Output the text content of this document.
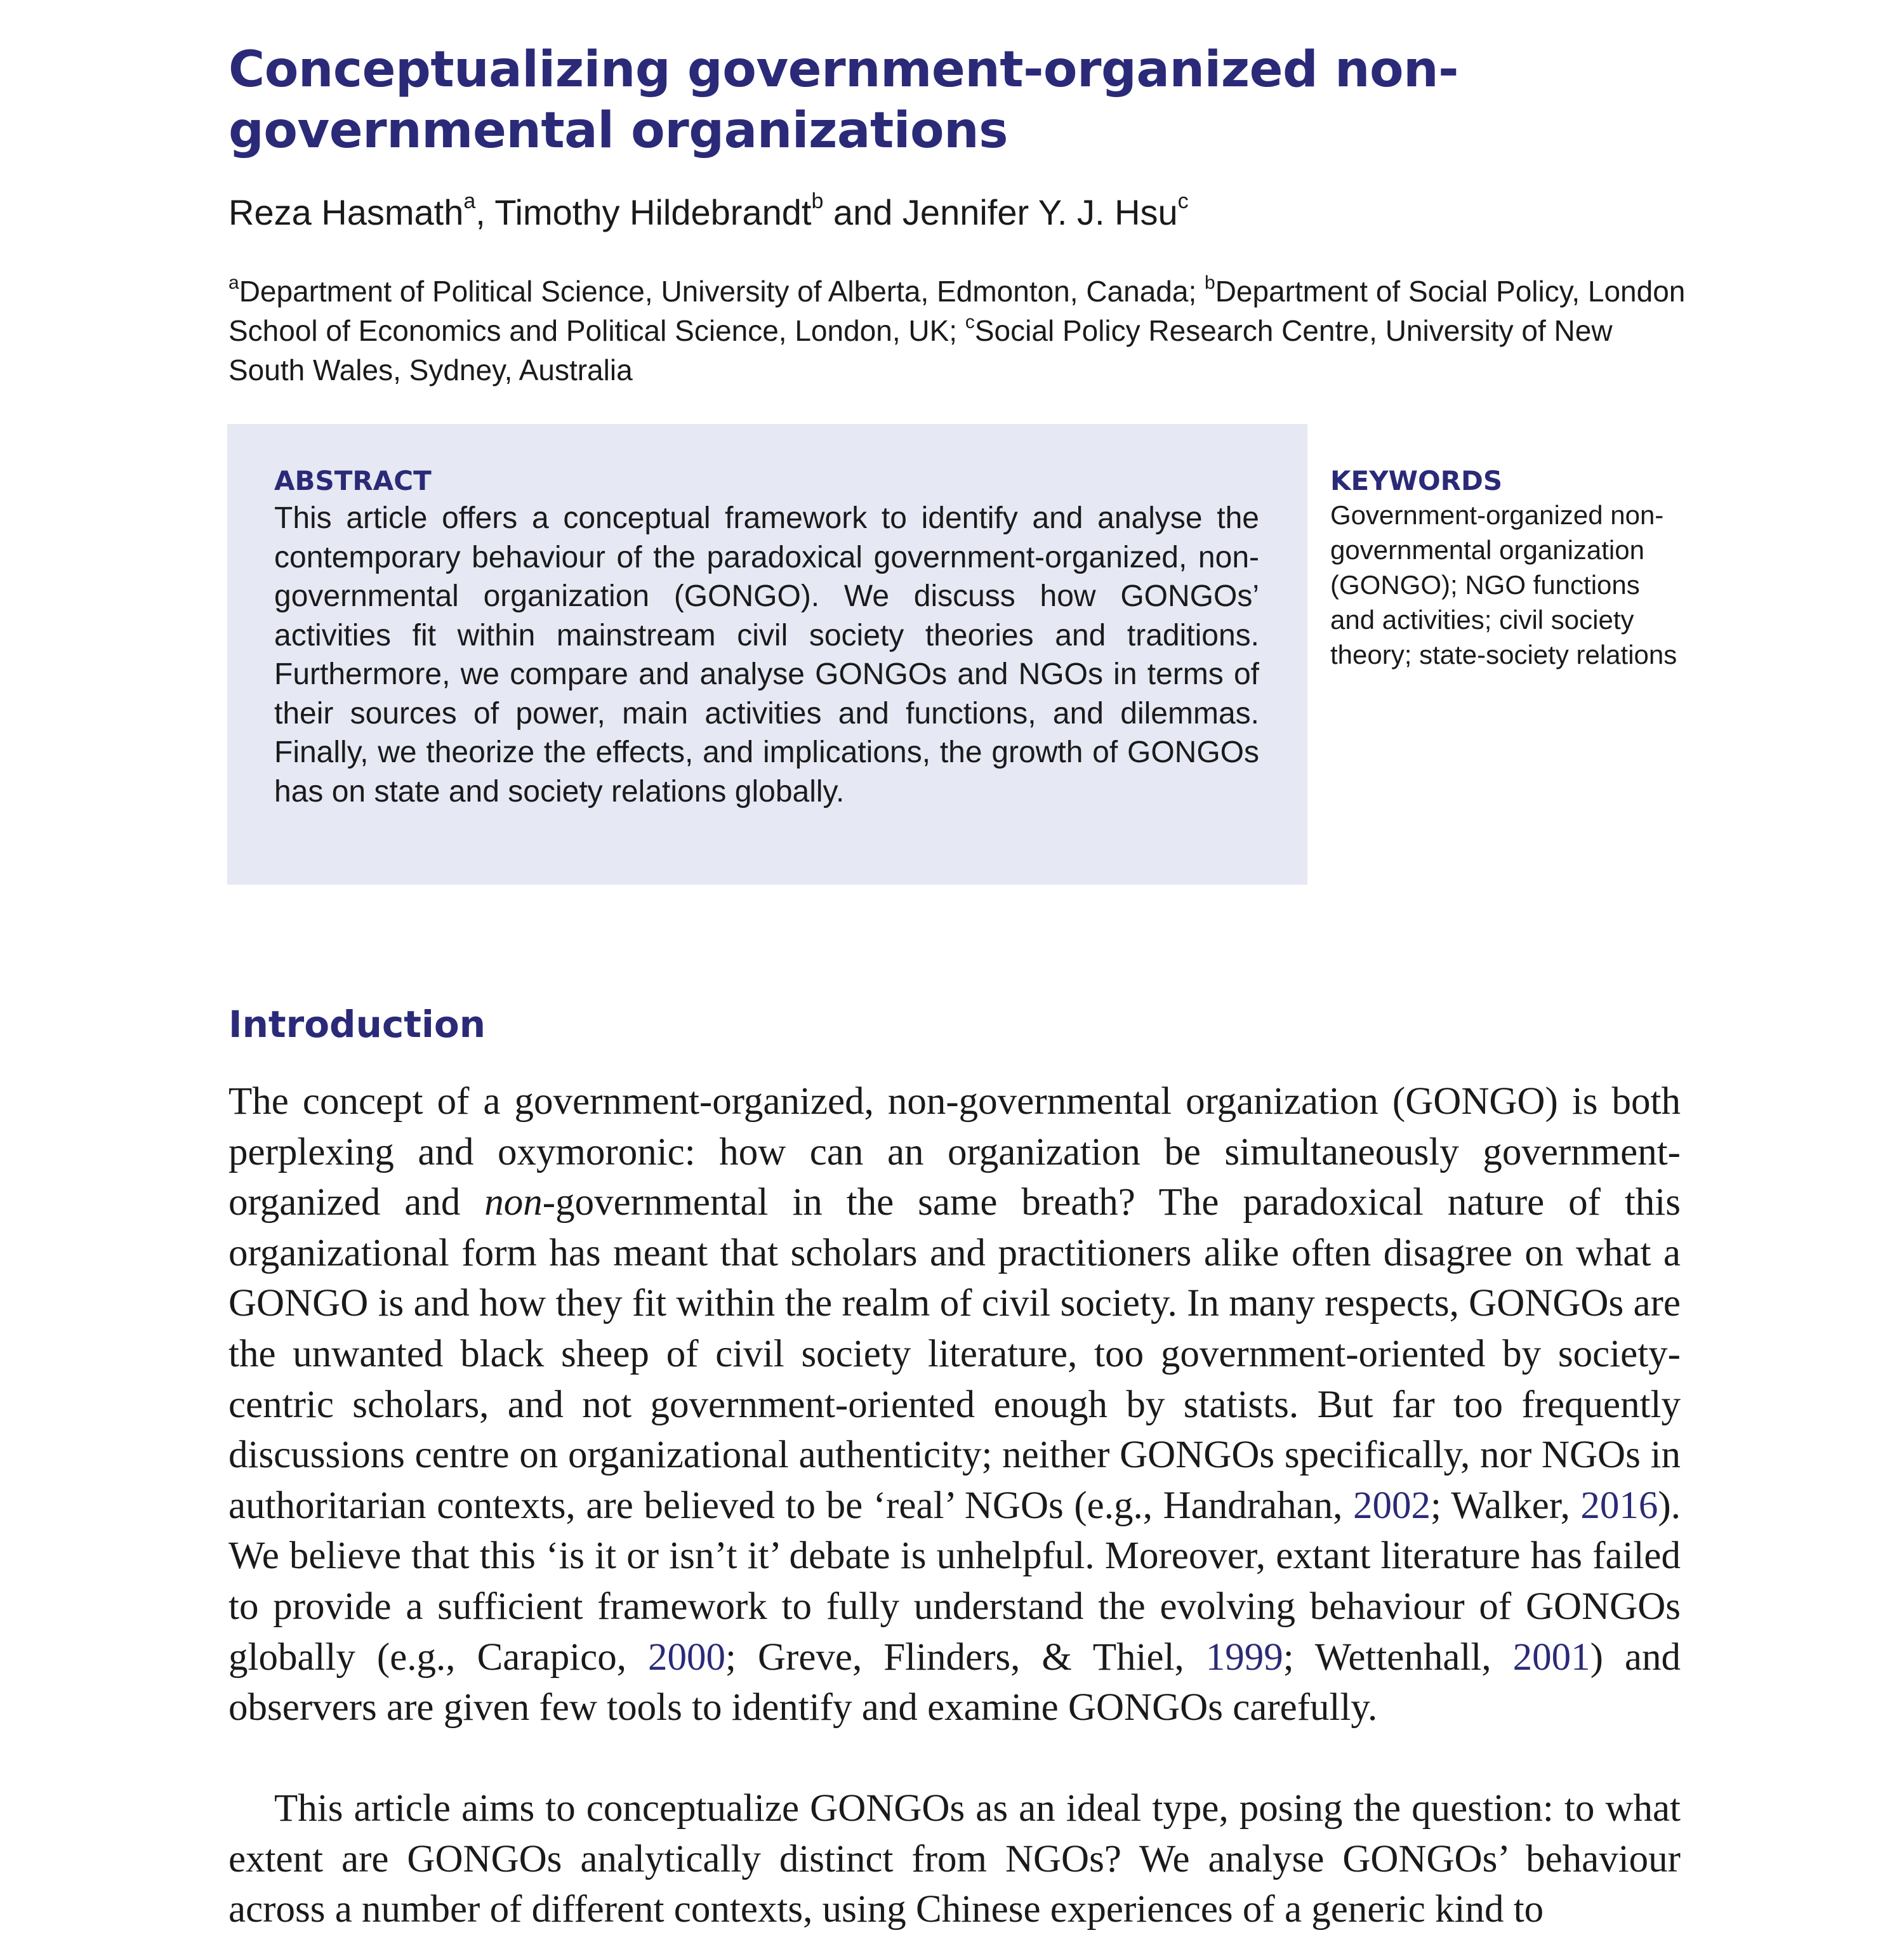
Conceptualizing government-organized non-governmental organizations
Reza Hasmath$^a$, Timothy Hildebrandt$^b$ and Jennifer Y. J. Hsu$^c$
$^a$Department of Political Science, University of Alberta, Edmonton, Canada; $^b$Department of Social Policy, London School of Economics and Political Science, London, UK; $^c$Social Policy Research Centre, University of New South Wales, Sydney, Australia
ABSTRACT

This article offers a conceptual framework to identify and analyse the contemporary behaviour of the paradoxical government-organized, non-governmental organization (GONGO). We discuss how GONGOs’ activities fit within mainstream civil society theories and traditions. Furthermore, we compare and analyse GONGOs and NGOs in terms of their sources of power, main activities and functions, and dilemmas. Finally, we theorize the effects, and implications, the growth of GONGOs has on state and society relations globally.

KEYWORDS

Government-organized non-governmental organization (GONGO); NGO functions and activities; civil society theory; state-society relations

Introduction

The concept of a government-organized, non-governmental organization (GONGO) is both perplexing and oxymoronic: how can an organization be simultaneously government-organized and non-governmental in the same breath? The paradoxical nature of this organizational form has meant that scholars and practitioners alike often disagree on what a GONGO is and how they fit within the realm of civil society. In many respects, GONGOs are the unwanted black sheep of civil society literature, too government-oriented by society-centric scholars, and not government-oriented enough by statists. But far too frequently discussions centre on organizational authenticity; neither GONGOs specifically, nor NGOs in authoritarian contexts, are believed to be ‘real’ NGOs (e.g., Handrahan, 2002; Walker, 2016). We believe that this ‘is it or isn’t it’ debate is unhelpful. Moreover, extant literature has failed to provide a sufficient framework to fully understand the evolving behaviour of GONGOs globally (e.g., Carapico, 2000; Greve, Flinders, & Thiel, 1999; Wettenhall, 2001) and observers are given few tools to identify and examine GONGOs carefully.

This article aims to conceptualize GONGOs as an ideal type, posing the question: to what extent are GONGOs analytically distinct from NGOs? We analyse GONGOs’ behaviour across a number of different contexts, using Chinese experiences of a generic kind to
